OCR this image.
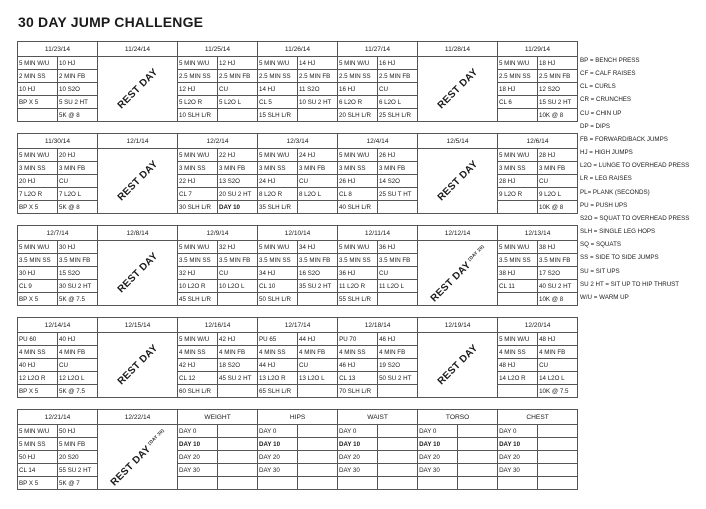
30 DAY JUMP CHALLENGE
11/23/14		11/24/14	11/25/14		11/26/14		11/27/14		11/28/14	11/29/14	
5 MIN W/U	10 HJ	REST DAY	5 MIN W/U	12 HJ	5 MIN W/U	14 HJ	5 MIN W/U	16 HJ	REST DAY	5 MIN W/U	18 HJ
2 MIN SS	2 MIN FB		2.5 MIN SS	2.5 MIN FB	2.5 MIN SS	2.5 MIN FB	2.5 MIN SS	2.5 MIN FB		2.5 MIN SS	2.5 MIN FB
10 HJ	10 S2O		12 HJ	CU	14 HJ	11 S2O	16 HJ	CU		18 HJ	12 S2O
BP X 5	5 SU 2 HT		5 L2O R	5 L2O L	CL 5	10 SU 2 HT	6 L2O R	6 L2O L		CL 6	15 SU 2 HT
	5K @ 8		10 SLH L/R		15 SLH L/R		20 SLH L/R	25 SLH L/R			10K @ 8
11/30/14		12/1/14	12/2/14		12/3/14		12/4/14		12/5/14	12/6/14	
5 MIN W/U	20 HJ	REST DAY	5 MIN W/U	22 HJ	5 MIN W/U	24 HJ	5 MIN W/U	26 HJ	REST DAY	5 MIN W/U	28 HJ
3 MIN SS	3 MIN FB		3 MIN SS	3 MIN FB	3 MIN SS	3 MIN FB	3 MIN SS	3 MIN FB		3 MIN SS	3 MIN FB
20 HJ	CU		22 HJ	13 S2O	24 HJ	CU	26 HJ	14 S2O		28 HJ	CU
7 L2O R	7 L2O L		CL 7	20 SU 2 HT	8 L2O R	8 L2O L	CL 8	25 SU T HT		9 L2O R	9 L2O L
BP X 5	5K @ 8		30 SLH L/R	DAY 10	35 SLH L/R		40 SLH L/R				10K @ 8
12/7/14		12/8/14	12/9/14		12/10/14		12/11/14		12/12/14	12/13/14	
5 MIN W/U	30 HJ	REST DAY	5 MIN W/U	32 HJ	5 MIN W/U	34 HJ	5 MIN W/U	36 HJ	REST $DAY^{(DAY 20)}$	5 MIN W/U	38 HJ
3.5 MIN SS	3.5 MIN FB		3.5 MIN SS	3.5 MIN FB	3.5 MIN SS	3.5 MIN FB	3.5 MIN SS	3.5 MIN FB		3.5 MIN SS	3.5 MIN FB
30 HJ	15 S2O		32 HJ	CU	34 HJ	16 S2O	36 HJ	CU		38 HJ	17 S2O
CL 9	30 SU 2 HT		10 L2O R	10 L2O L	CL 10	35 SU 2 HT	11 L2O R	11 L2O L		CL 11	40 SU 2 HT
BP X 5	5K @ 7.5		45 SLH L/R		50 SLH L/R		55 SLH L/R				10K @ 8
12/14/14		12/15/14	12/16/14		12/17/14		12/18/14		12/19/14	12/20/14	
PU 60	40 HJ	REST DAY	5 MIN W/U	42 HJ	PU 65	44 HJ	PU 70	46 HJ	REST DAY	5 MIN W/U	48 HJ
4 MIN SS	4 MIN FB		4 MIN SS	4 MIN FB	4 MIN SS	4 MIN FB	4 MIN SS	4 MIN FB		4 MIN SS	4 MIN FB
40 HJ	CU		42 HJ	18 S2O	44 HJ	CU	46 HJ	19 S2O		48 HJ	CU
12 L2O R	12 L2O L		CL 12	45 SU 2 HT	13 L2O R	13 L2O L	CL 13	50 SU 2 HT		14 L2O R	14 L2O L
BP X 5	5K @ 7.5		60 SLH L/R		65 SLH L/R		70 SLH L/R				10K @ 7.5
12/21/14		12/22/14	WEIGHT		HIPS		WAIST		TORSO		CHEST	
5 MIN W/U	50 HJ	REST $DAY^{(DAY 30)}$	DAY 0		DAY 0		DAY 0		DAY 0		DAY 0	
5 MIN SS	5 MIN FB		DAY 10		DAY 10		DAY 10		DAY 10		DAY 10	
50 HJ	20 S20		DAY 20		DAY 20		DAY 20		DAY 20		DAY 20	
CL 14	55 SU 2 HT		DAY 30		DAY 30		DAY 30		DAY 30		DAY 30	
BP X 5	5K @ 7											
BP = BENCH PRESS
CF = CALF RAISES
CL = CURLS
CR = CRUNCHES
CU = CHIN UP
DP = DIPS
FB = FORWARD/BACK JUMPS
HJ = HIGH JUMPS
L2O = LUNGE TO OVERHEAD PRESS
LR = LEG RAISES
PL= PLANK (SECONDS)
PU = PUSH UPS
S2O = SQUAT TO OVERHEAD PRESS
SLH = SINGLE LEG HOPS
SQ = SQUATS
SS = SIDE TO SIDE JUMPS
SU = SIT UPS
SU 2 HT = SIT UP TO HIP THRUST
W/U = WARM UP
